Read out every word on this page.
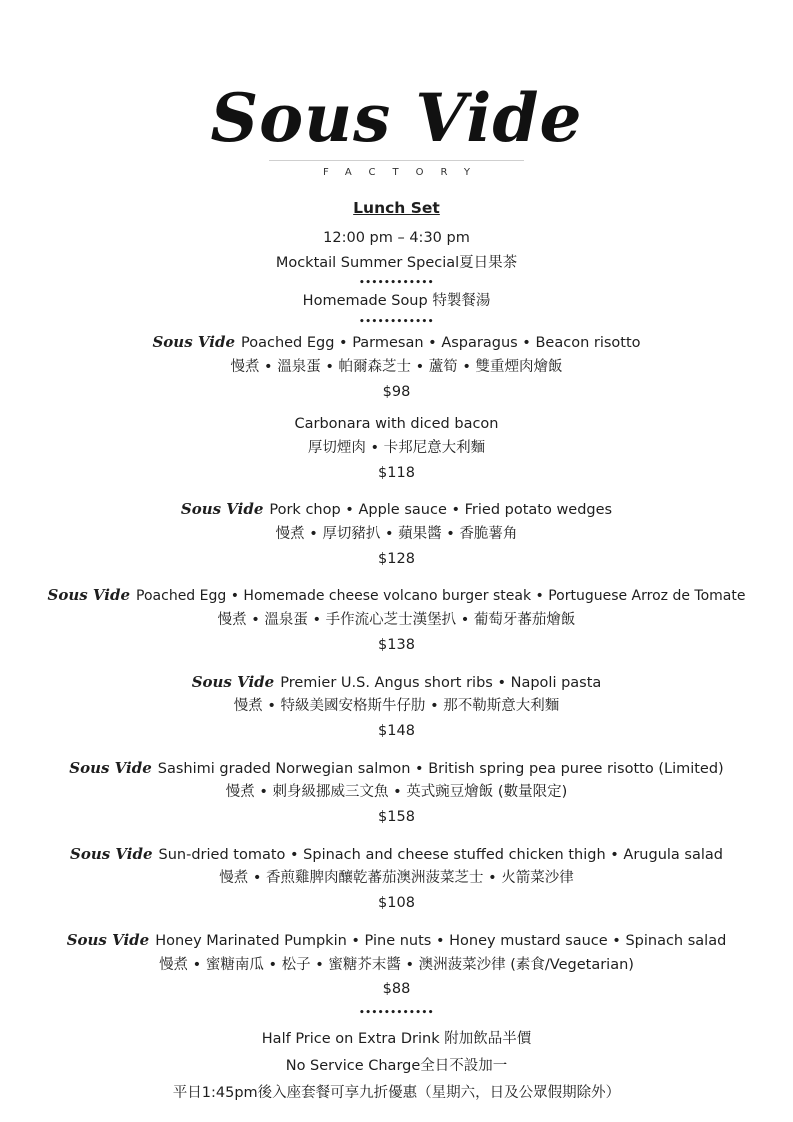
Sous Vide
FACTORY
Lunch Set
12:00 pm – 4:30 pm
Mocktail Summer Special夏日果茶
••••••••••••
Homemade Soup 特製餐湯
••••••••••••
Sous Vide Poached Egg • Parmesan • Asparagus • Beacon risotto
慢煮 • 溫泉蛋 • 帕爾森芝士 • 蘆筍 • 雙重煙肉燴飯
$98
Carbonara with diced bacon
厚切煙肉 • 卡邦尼意大利麵
$118
Sous Vide Pork chop • Apple sauce • Fried potato wedges
慢煮 • 厚切豬扒 • 蘋果醬 • 香脆薯角
$128
Sous Vide Poached Egg • Homemade cheese volcano burger steak • Portuguese Arroz de Tomate
慢煮 • 溫泉蛋 • 手作流心芝士漢堡扒 • 葡萄牙蕃茄燴飯
$138
Sous Vide Premier U.S. Angus short ribs • Napoli pasta
慢煮 • 特級美國安格斯牛仔肋 • 那不勒斯意大利麵
$148
Sous Vide Sashimi graded Norwegian salmon • British spring pea puree risotto (Limited)
慢煮 • 刺身級挪威三文魚 • 英式豌豆燴飯 (數量限定)
$158
Sous Vide Sun-dried tomato • Spinach and cheese stuffed chicken thigh • Arugula salad
慢煮 • 香煎雞脾肉釀乾蕃茄澳洲菠菜芝士 • 火箭菜沙律
$108
Sous Vide Honey Marinated Pumpkin • Pine nuts • Honey mustard sauce • Spinach salad
慢煮 • 蜜糖南瓜 • 松子 • 蜜糖芥末醬 • 澳洲菠菜沙律 (素食/Vegetarian)
$88
••••••••••••
Half Price on Extra Drink 附加飲品半價
No Service Charge全日不設加一
平日1:45pm後入座套餐可享九折優惠（星期六，日及公眾假期除外）
